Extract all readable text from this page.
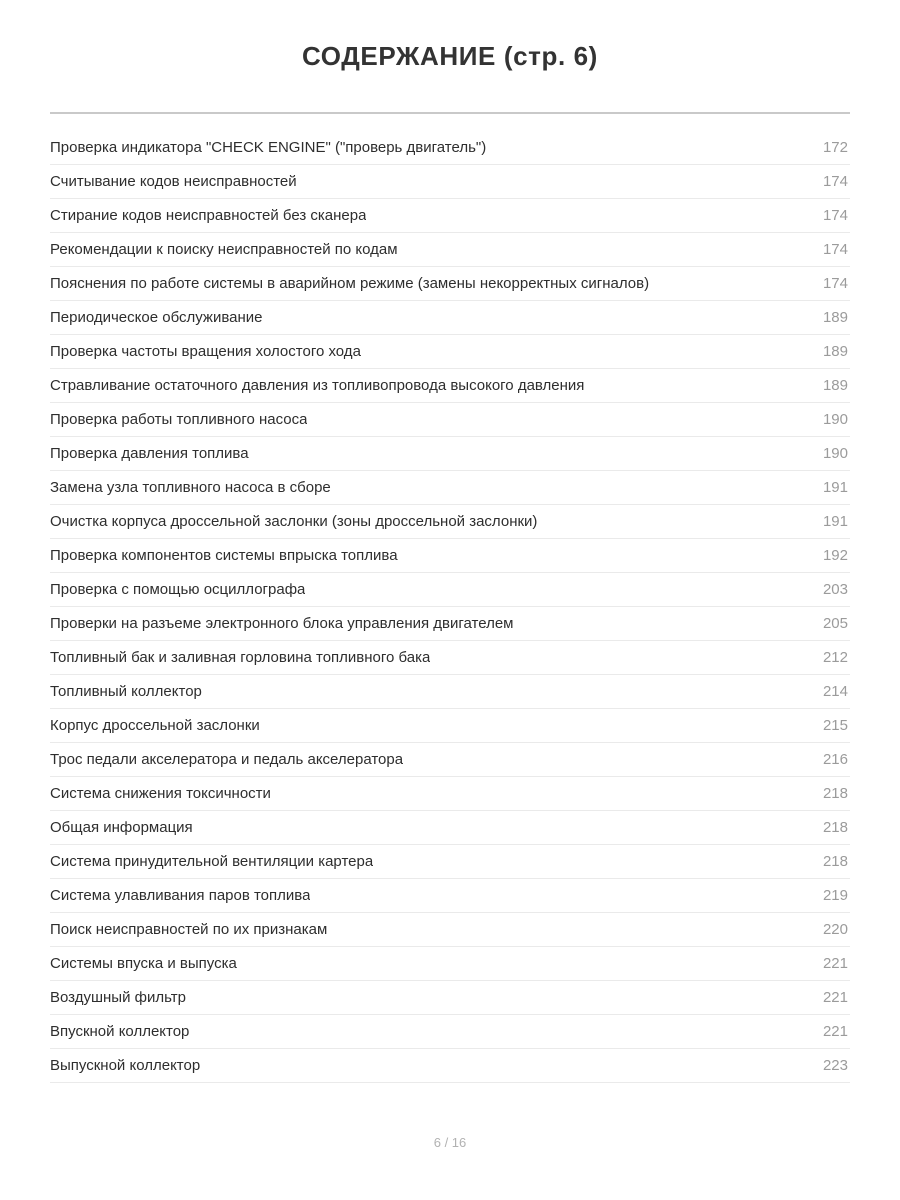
СОДЕРЖАНИЕ (стр. 6)
Проверка индикатора "CHECK ENGINE" ("проверь двигатель")	172
Считывание кодов неисправностей	174
Стирание кодов неисправностей без сканера	174
Рекомендации к поиску неисправностей по кодам	174
Пояснения по работе системы в аварийном режиме (замены некорректных сигналов)	174
Периодическое обслуживание	189
Проверка частоты вращения холостого хода	189
Стравливание остаточного давления из топливопровода высокого давления	189
Проверка работы топливного насоса	190
Проверка давления топлива	190
Замена узла топливного насоса в сборе	191
Очистка корпуса дроссельной заслонки (зоны дроссельной заслонки)	191
Проверка компонентов системы впрыска топлива	192
Проверка с помощью осциллографа	203
Проверки на разъеме электронного блока управления двигателем	205
Топливный бак и заливная горловина топливного бака	212
Топливный коллектор	214
Корпус дроссельной заслонки	215
Трос педали акселератора и педаль акселератора	216
Система снижения токсичности	218
Общая информация	218
Система принудительной вентиляции картера	218
Система улавливания паров топлива	219
Поиск неисправностей по их признакам	220
Системы впуска и выпуска	221
Воздушный фильтр	221
Впускной коллектор	221
Выпускной коллектор	223
6 / 16
